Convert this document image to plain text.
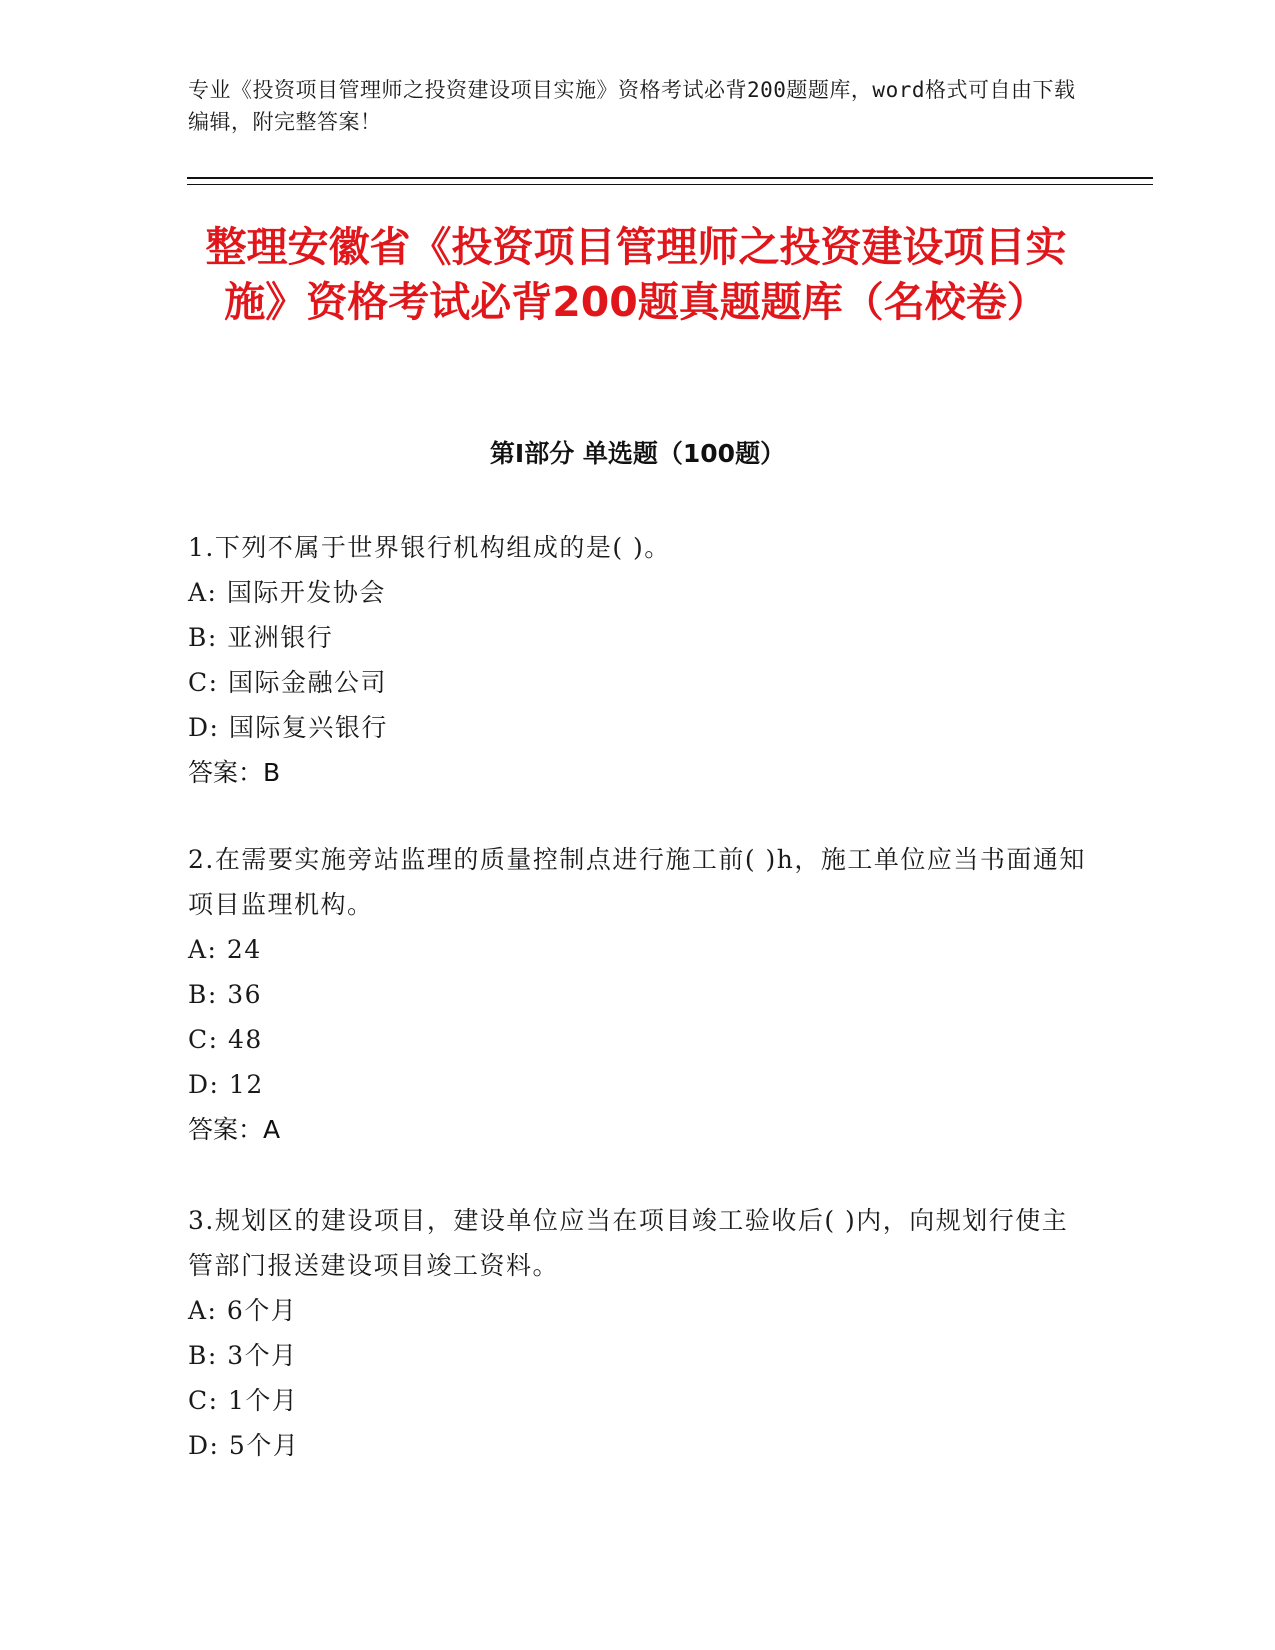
专业《投资项目管理师之投资建设项目实施》资格考试必背200题题库，word格式可自由下载编辑，附完整答案！
整理安徽省《投资项目管理师之投资建设项目实施》资格考试必背200题真题题库（名校卷）
第I部分 单选题（100题）
1.下列不属于世界银行机构组成的是( )。
A: 国际开发协会
B: 亚洲银行
C: 国际金融公司
D: 国际复兴银行
答案：B
2.在需要实施旁站监理的质量控制点进行施工前( )h，施工单位应当书面通知项目监理机构。
A: 24
B: 36
C: 48
D: 12
答案：A
3.规划区的建设项目，建设单位应当在项目竣工验收后( )内，向规划行使主管部门报送建设项目竣工资料。
A: 6个月
B: 3个月
C: 1个月
D: 5个月
